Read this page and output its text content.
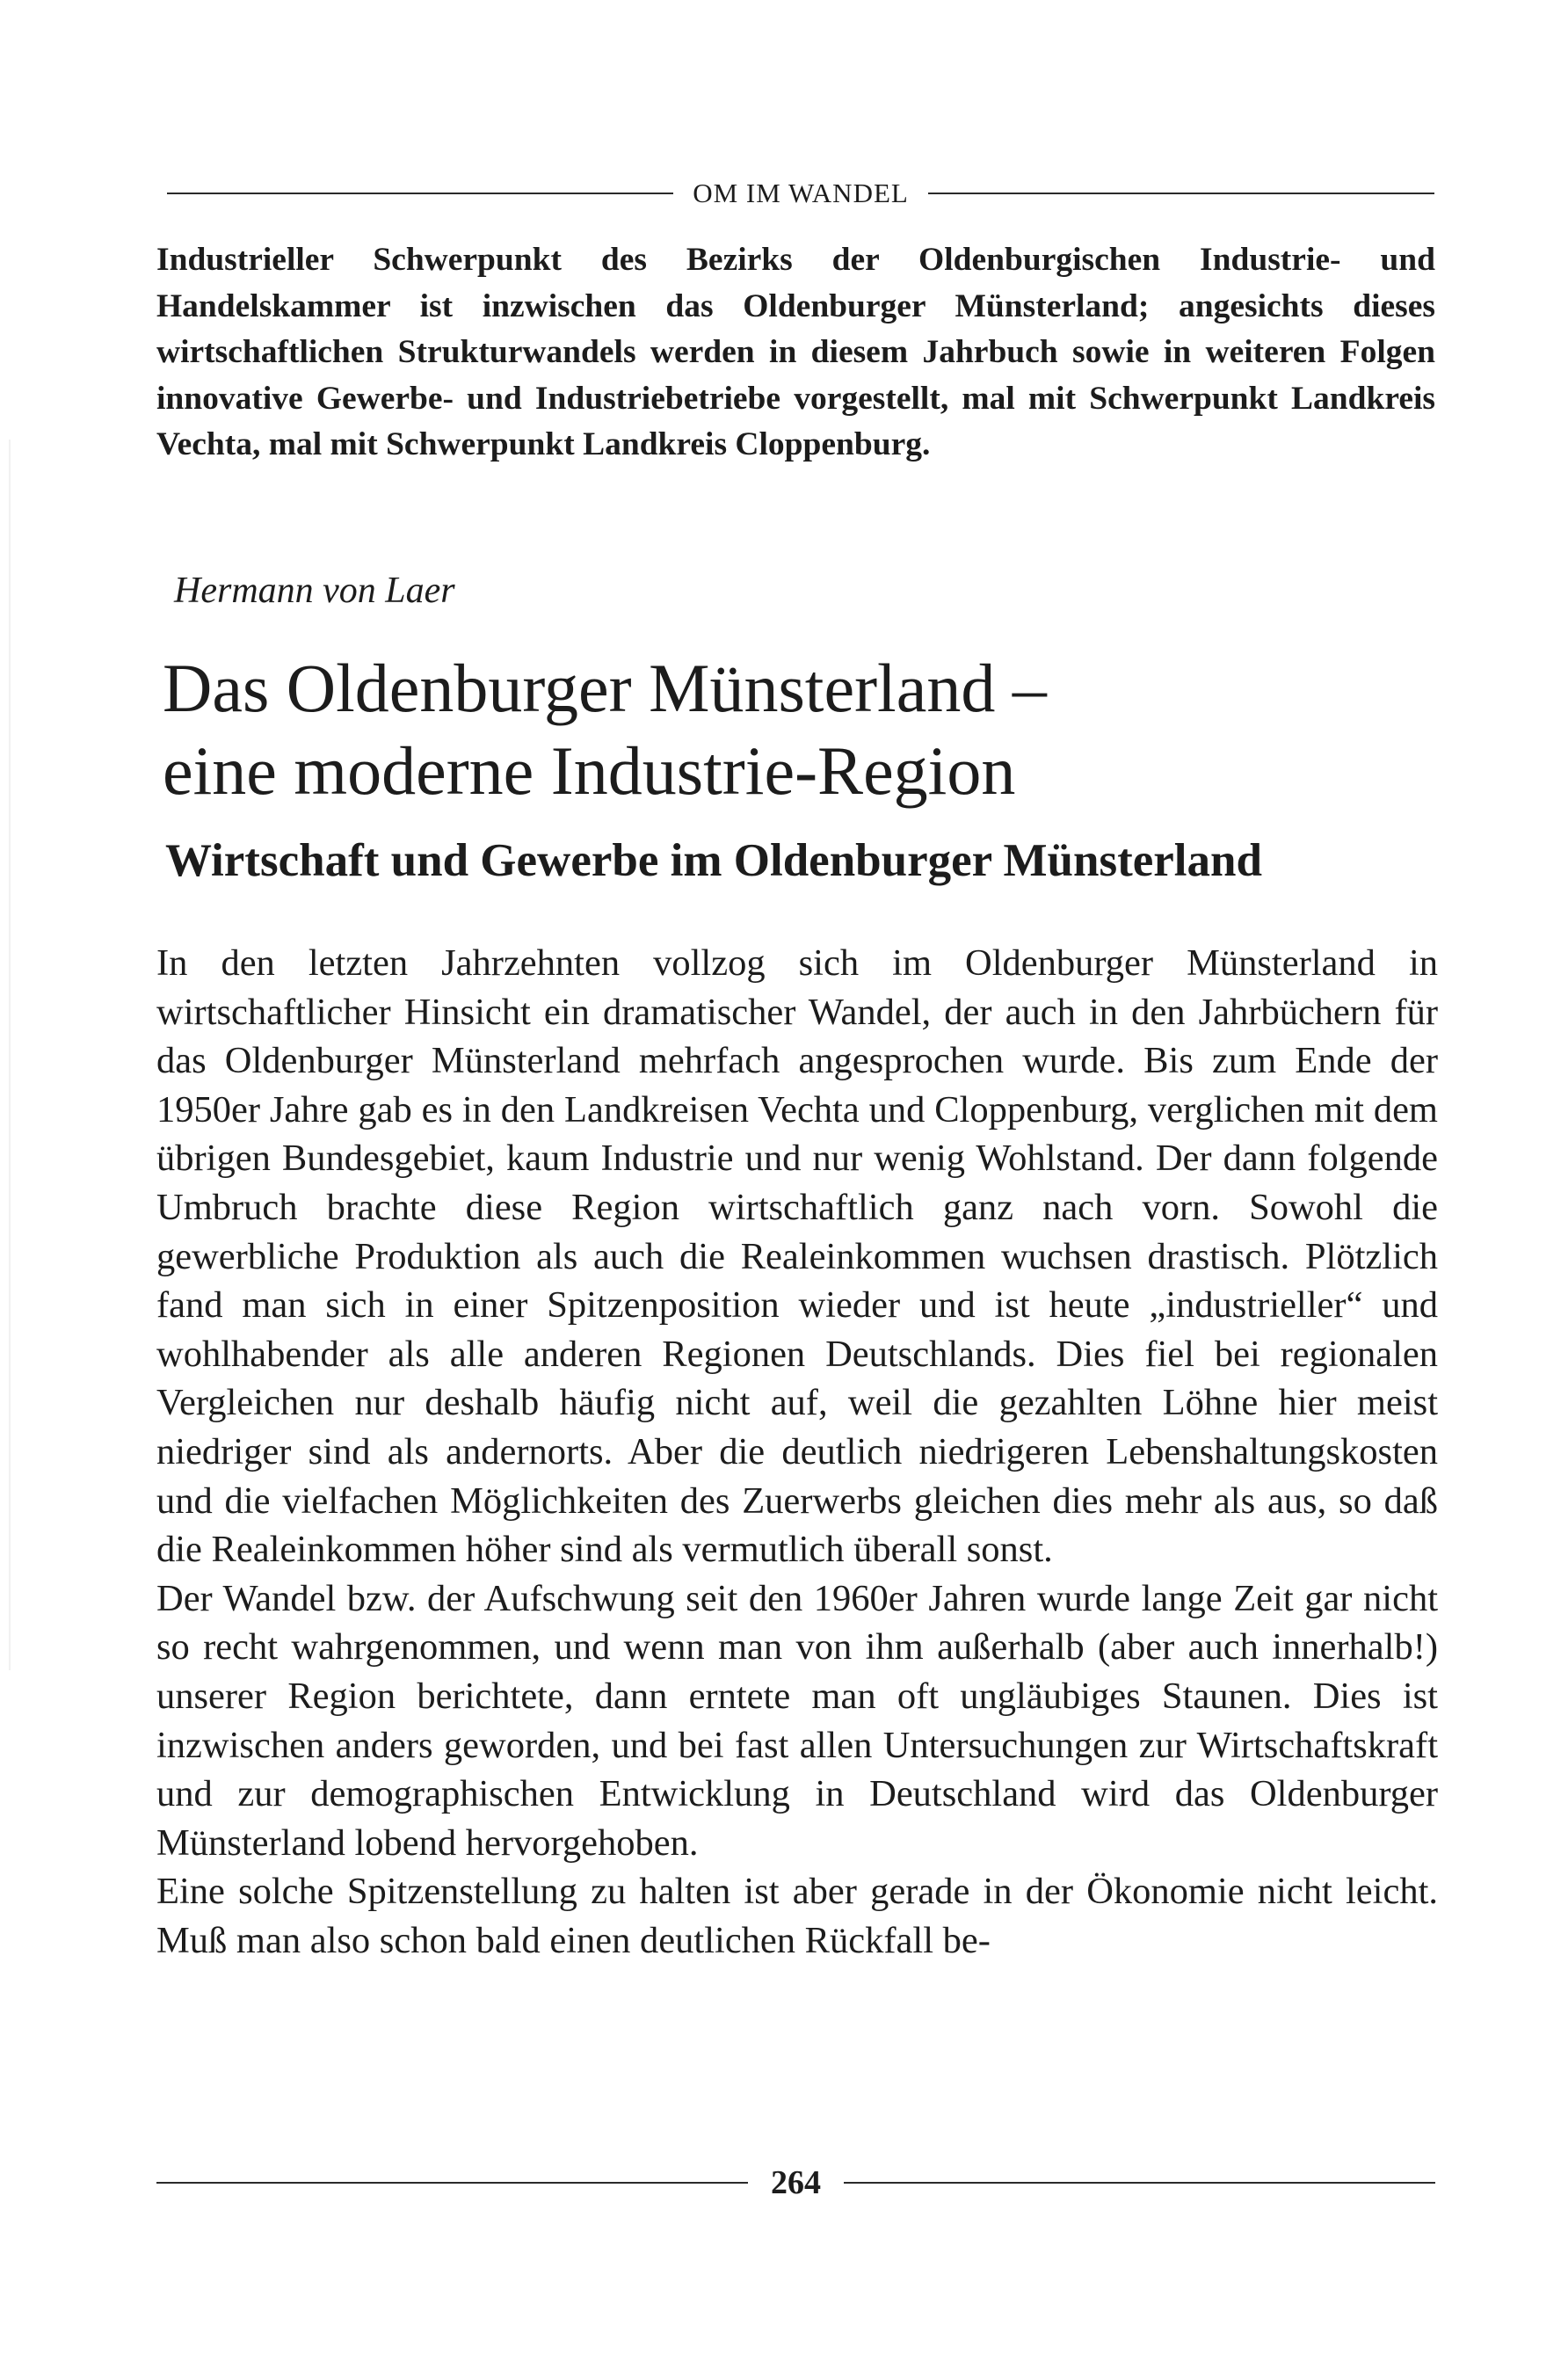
OM IM WANDEL

Industrieller Schwerpunkt des Bezirks der Oldenburgischen Industrie- und Handelskammer ist inzwischen das Oldenburger Münsterland; angesichts dieses wirtschaftlichen Strukturwandels werden in diesem Jahrbuch sowie in weiteren Folgen innovative Gewerbe- und Industriebetriebe vorgestellt, mal mit Schwerpunkt Landkreis Vechta, mal mit Schwerpunkt Landkreis Cloppenburg.

Hermann von Laer

Das Oldenburger Münsterland –
eine moderne Industrie-Region
Wirtschaft und Gewerbe im Oldenburger Münsterland

In den letzten Jahrzehnten vollzog sich im Oldenburger Münsterland in wirtschaftlicher Hinsicht ein dramatischer Wandel, der auch in den Jahrbüchern für das Oldenburger Münsterland mehrfach angesprochen wurde. Bis zum Ende der 1950er Jahre gab es in den Landkreisen Vechta und Cloppenburg, verglichen mit dem übrigen Bundesgebiet, kaum Industrie und nur wenig Wohlstand. Der dann folgende Umbruch brachte diese Region wirtschaftlich ganz nach vorn. Sowohl die gewerbliche Produktion als auch die Realeinkommen wuchsen drastisch. Plötzlich fand man sich in einer Spitzenposition wieder und ist heute „industrieller“ und wohlhabender als alle anderen Regionen Deutschlands. Dies fiel bei regionalen Vergleichen nur deshalb häufig nicht auf, weil die gezahlten Löhne hier meist niedriger sind als andernorts. Aber die deutlich niedrigeren Lebenshaltungskosten und die vielfachen Möglichkeiten des Zuerwerbs gleichen dies mehr als aus, so daß die Realeinkommen höher sind als vermutlich überall sonst.

Der Wandel bzw. der Aufschwung seit den 1960er Jahren wurde lange Zeit gar nicht so recht wahrgenommen, und wenn man von ihm außerhalb (aber auch innerhalb!) unserer Region berichtete, dann erntete man oft ungläubiges Staunen. Dies ist inzwischen anders geworden, und bei fast allen Untersuchungen zur Wirtschaftskraft und zur demographischen Entwicklung in Deutschland wird das Oldenburger Münsterland lobend hervorgehoben.

Eine solche Spitzenstellung zu halten ist aber gerade in der Ökonomie nicht leicht. Muß man also schon bald einen deutlichen Rückfall be-

264
